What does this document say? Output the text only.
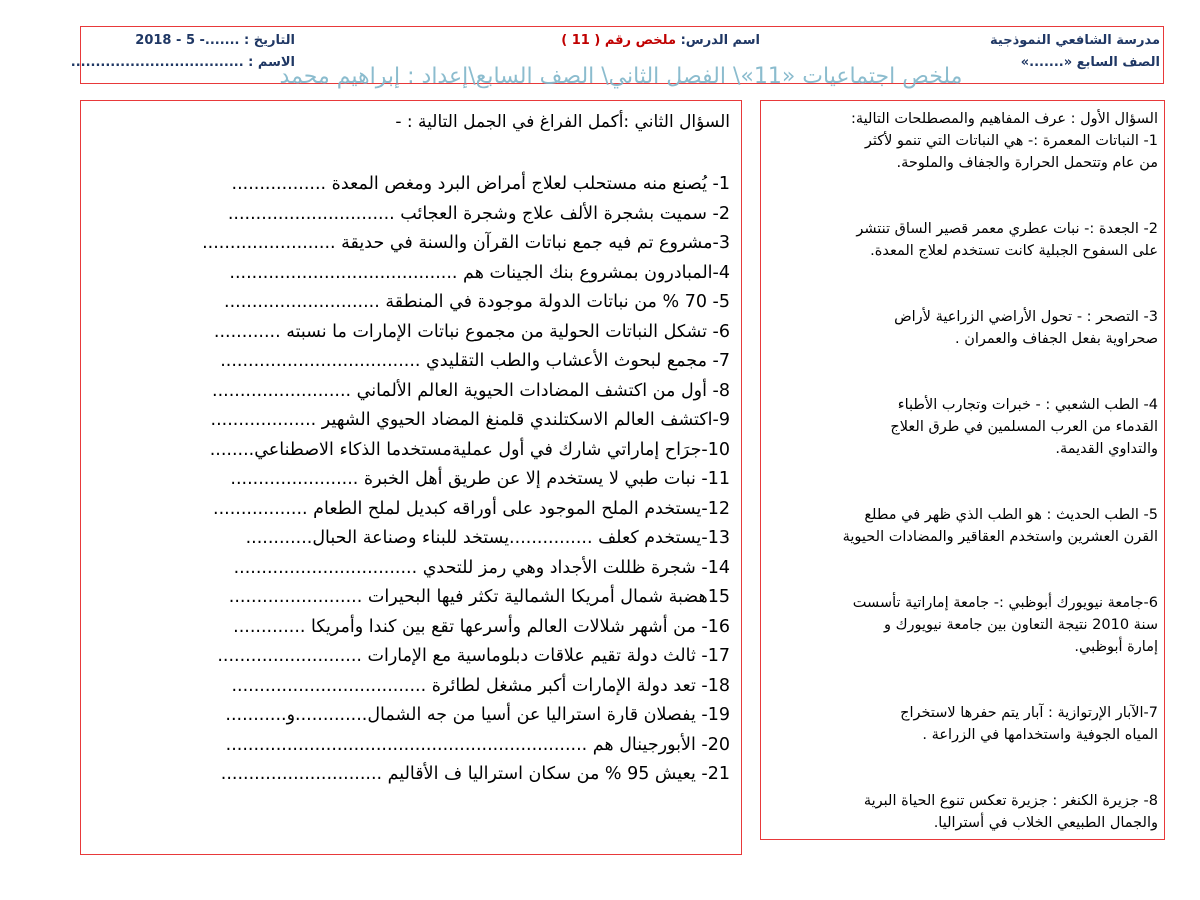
مدرسة الشافعي النموذجية
اسم الدرس: ملخص رقم ( 11 )
التاريخ : .......- 5 - 2018
الصف السابع «.......»
الاسم : ...................................
ملخص اجتماعيات «11»\ الفصل الثاني\ الصف السابع\إعداد : إبراهيم محمد
السؤال الأول : عرف المفاهيم والمصطلحات التالية:
1- النباتات المعمرة :- هي النباتات التي تنمو لأكثر
من عام وتتحمل الحرارة والجفاف والملوحة.
2- الجعدة :- نبات عطري معمر قصير الساق تنتشر
على السفوح الجبلية كانت تستخدم لعلاج المعدة.
3- التصحر : - تحول الأراضي الزراعية لأراض
صحراوية بفعل الجفاف والعمران .
4- الطب الشعبي : - خبرات وتجارب الأطباء
القدماء من العرب المسلمين في طرق العلاج
والتداوي القديمة.
5- الطب الحديث : هو الطب الذي ظهر في مطلع
القرن العشرين واستخدم العقاقير والمضادات الحيوية
6-جامعة نيويورك أبوظبي :- جامعة إماراتية تأسست
سنة 2010 نتيجة التعاون بين جامعة نيويورك و
إمارة أبوظبي.
7-الآبار الإرتوازية : آبار يتم حفرها لاستخراج
المياه الجوفية واستخدامها في الزراعة .
8- جزيرة الكنغر : جزيرة تعكس تنوع الحياة البرية
والجمال الطبيعي الخلاب في أستراليا.
السؤال الثاني :أكمل الفراغ في الجمل التالية : -
1- يُصنع منه مستحلب لعلاج أمراض البرد ومغص المعدة .................
2- سميت بشجرة الألف علاج وشجرة العجائب ..............................
3-مشروع تم فيه جمع نباتات القرآن والسنة في حديقة ........................
4-المبادرون بمشروع بنك الجينات هم .........................................
5- 70 % من نباتات الدولة موجودة في المنطقة ............................
6- تشكل النباتات الحولية من مجموع نباتات الإمارات ما نسبته ............
7- مجمع لبحوث الأعشاب والطب التقليدي ....................................
8- أول من اكتشف المضادات الحيوية العالم الألماني .........................
9-اكتشف العالم الاسكتلندي قلمنغ المضاد الحيوي الشهير ...................
10-جرَاح إماراتي شارك في أول عمليةمستخدما الذكاء الاصطناعي........
11- نبات طبي لا يستخدم إلا عن طريق أهل الخبرة .......................
12-يستخدم الملح الموجود على أوراقه كبديل لملح الطعام .................
13-يستخدم كعلف ...............يستخد للبناء وصناعة الحبال............
14- شجرة ظللت الأجداد وهي رمز للتحدي .................................
15هضبة شمال أمريكا الشمالية تكثر فيها البحيرات ........................
16- من أشهر شلالات العالم وأسرعها تقع بين كندا وأمريكا .............
17- ثالث دولة تقيم علاقات دبلوماسية مع الإمارات ..........................
18- تعد دولة الإمارات أكبر مشغل لطائرة ...................................
19- يفصلان قارة استراليا عن أسيا من جه الشمال.............و...........
20- الأبورجينال هم .................................................................
21- يعيش 95 % من سكان استراليا ف الأقاليم .............................
